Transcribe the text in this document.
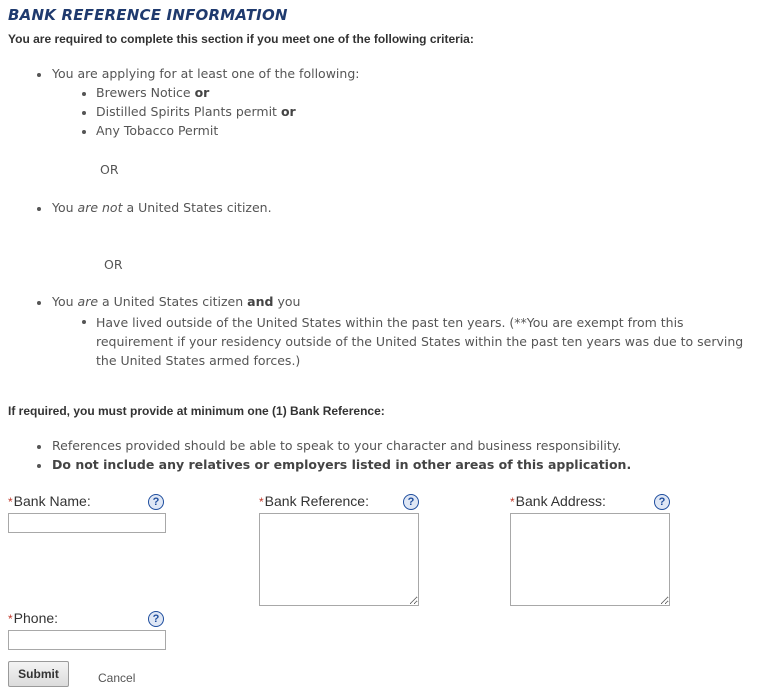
BANK REFERENCE INFORMATION
You are required to complete this section if you meet one of the following criteria:
You are applying for at least one of the following:
Brewers Notice or
Distilled Spirits Plants permit or
Any Tobacco Permit
OR
You are not a United States citizen.
OR
You are a United States citizen and you
Have lived outside of the United States within the past ten years. (**You are exempt from this requirement if your residency outside of the United States within the past ten years was due to serving the United States armed forces.)
If required, you must provide at minimum one (1) Bank Reference:
References provided should be able to speak to your character and business responsibility.
Do not include any relatives or employers listed in other areas of this application.
*Bank Name:	?	*Bank Reference:	?	*Bank Address:	?
*Phone:	?
Submit	Cancel
